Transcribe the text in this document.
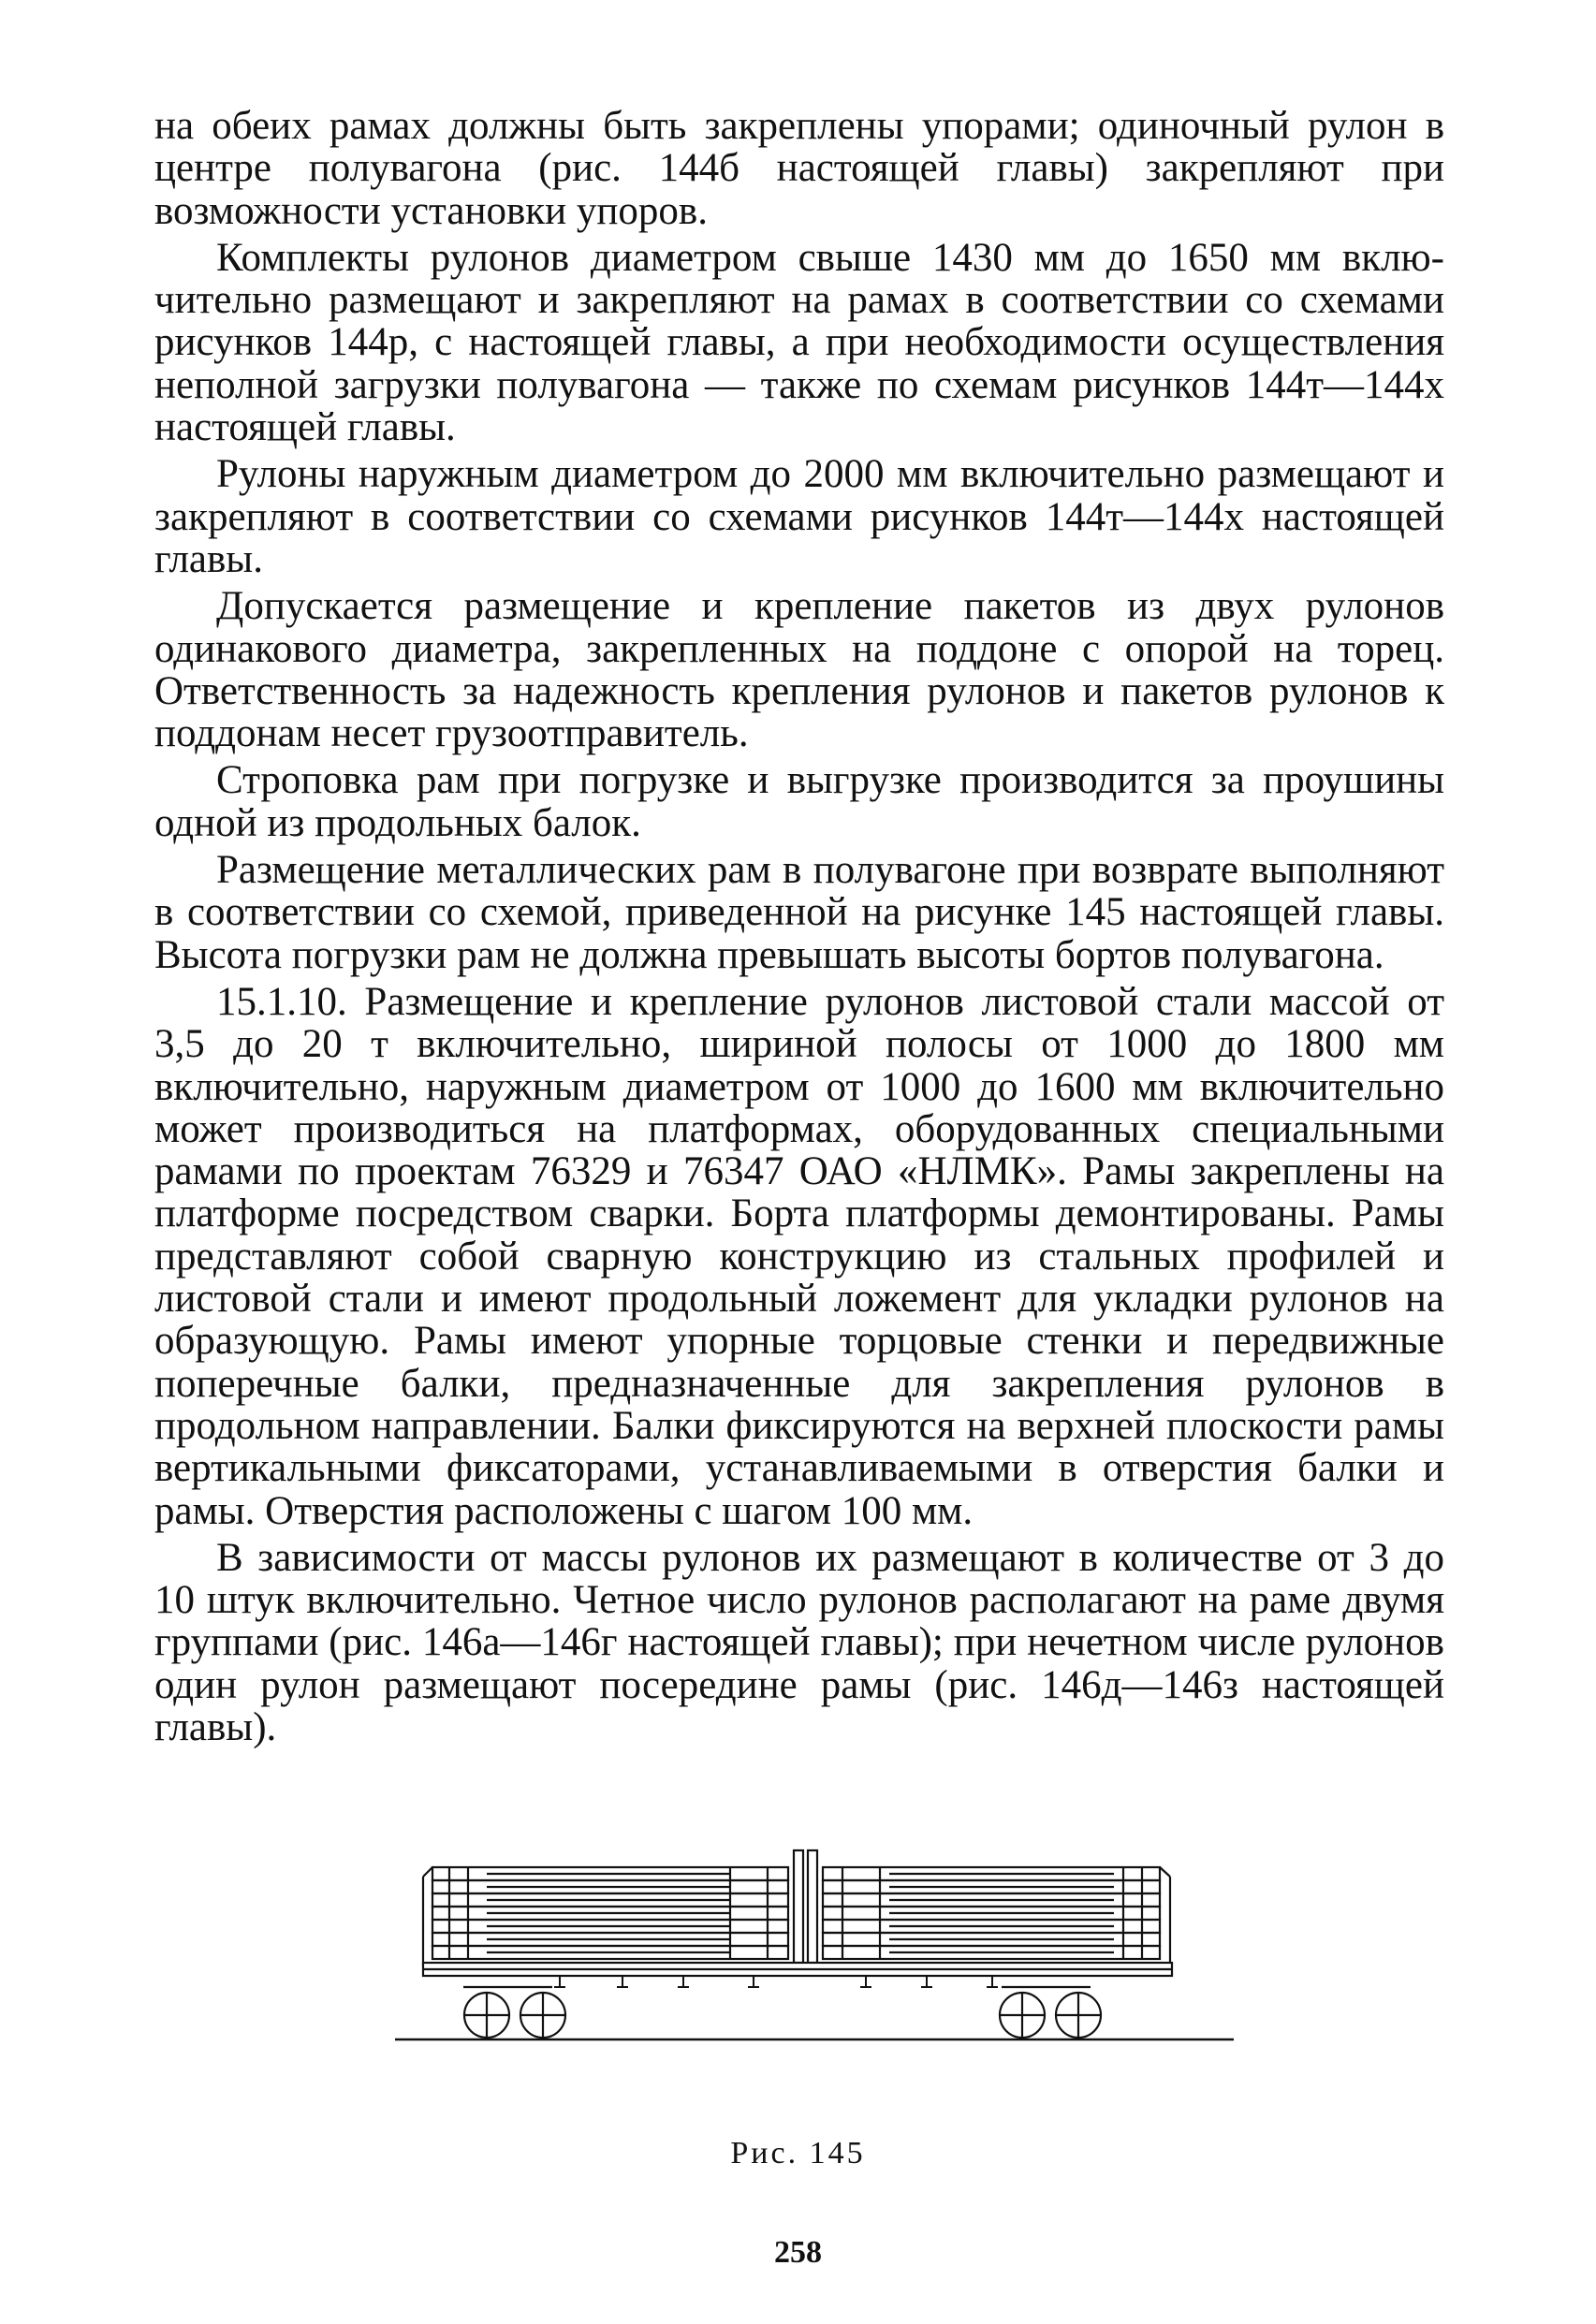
на обеих рамах должны быть закреплены упорами; одиночный рулон в центре полувагона (рис. 144б настоящей главы) закрепляют при возможности установки упоров.

Комплекты рулонов диаметром свыше 1430 мм до 1650 мм включительно размещают и закрепляют на рамах в соответствии со схемами рисунков 144р, с настоящей главы, а при необходимости осуществления неполной загрузки полувагона — также по схемам рисунков 144т—144х настоящей главы.

Рулоны наружным диаметром до 2000 мм включительно размещают и закрепляют в соответствии со схемами рисунков 144т—144х настоящей главы.

Допускается размещение и крепление пакетов из двух рулонов одинакового диаметра, закрепленных на поддоне с опорой на торец. Ответственность за надежность крепления рулонов и пакетов рулонов к поддонам несет грузоотправитель.

Строповка рам при погрузке и выгрузке производится за проушины одной из продольных балок.

Размещение металлических рам в полувагоне при возврате выполняют в соответствии со схемой, приведенной на рисунке 145 настоящей главы. Высота погрузки рам не должна превышать высоты бортов полувагона.

15.1.10. Размещение и крепление рулонов листовой стали массой от 3,5 до 20 т включительно, шириной полосы от 1000 до 1800 мм включительно, наружным диаметром от 1000 до 1600 мм включительно может производиться на платформах, оборудованных специальными рамами по проектам 76329 и 76347 ОАО «НЛМК». Рамы закреплены на платформе посредством сварки. Борта платформы демонтированы. Рамы представляют собой сварную конструкцию из стальных профилей и листовой стали и имеют продольный ложемент для укладки рулонов на образующую. Рамы имеют упорные торцовые стенки и передвижные поперечные балки, предназначенные для закрепления рулонов в продольном направлении. Балки фиксируются на верхней плоскости рамы вертикальными фиксаторами, устанавливаемыми в отверстия балки и рамы. Отверстия расположены с шагом 100 мм.

В зависимости от массы рулонов их размещают в количестве от 3 до 10 штук включительно. Четное число рулонов располагают на раме двумя группами (рис. 146а—146г настоящей главы); при нечетном числе рулонов один рулон размещают посередине рамы (рис. 146д—146з настоящей главы).

Рис. 145
258
